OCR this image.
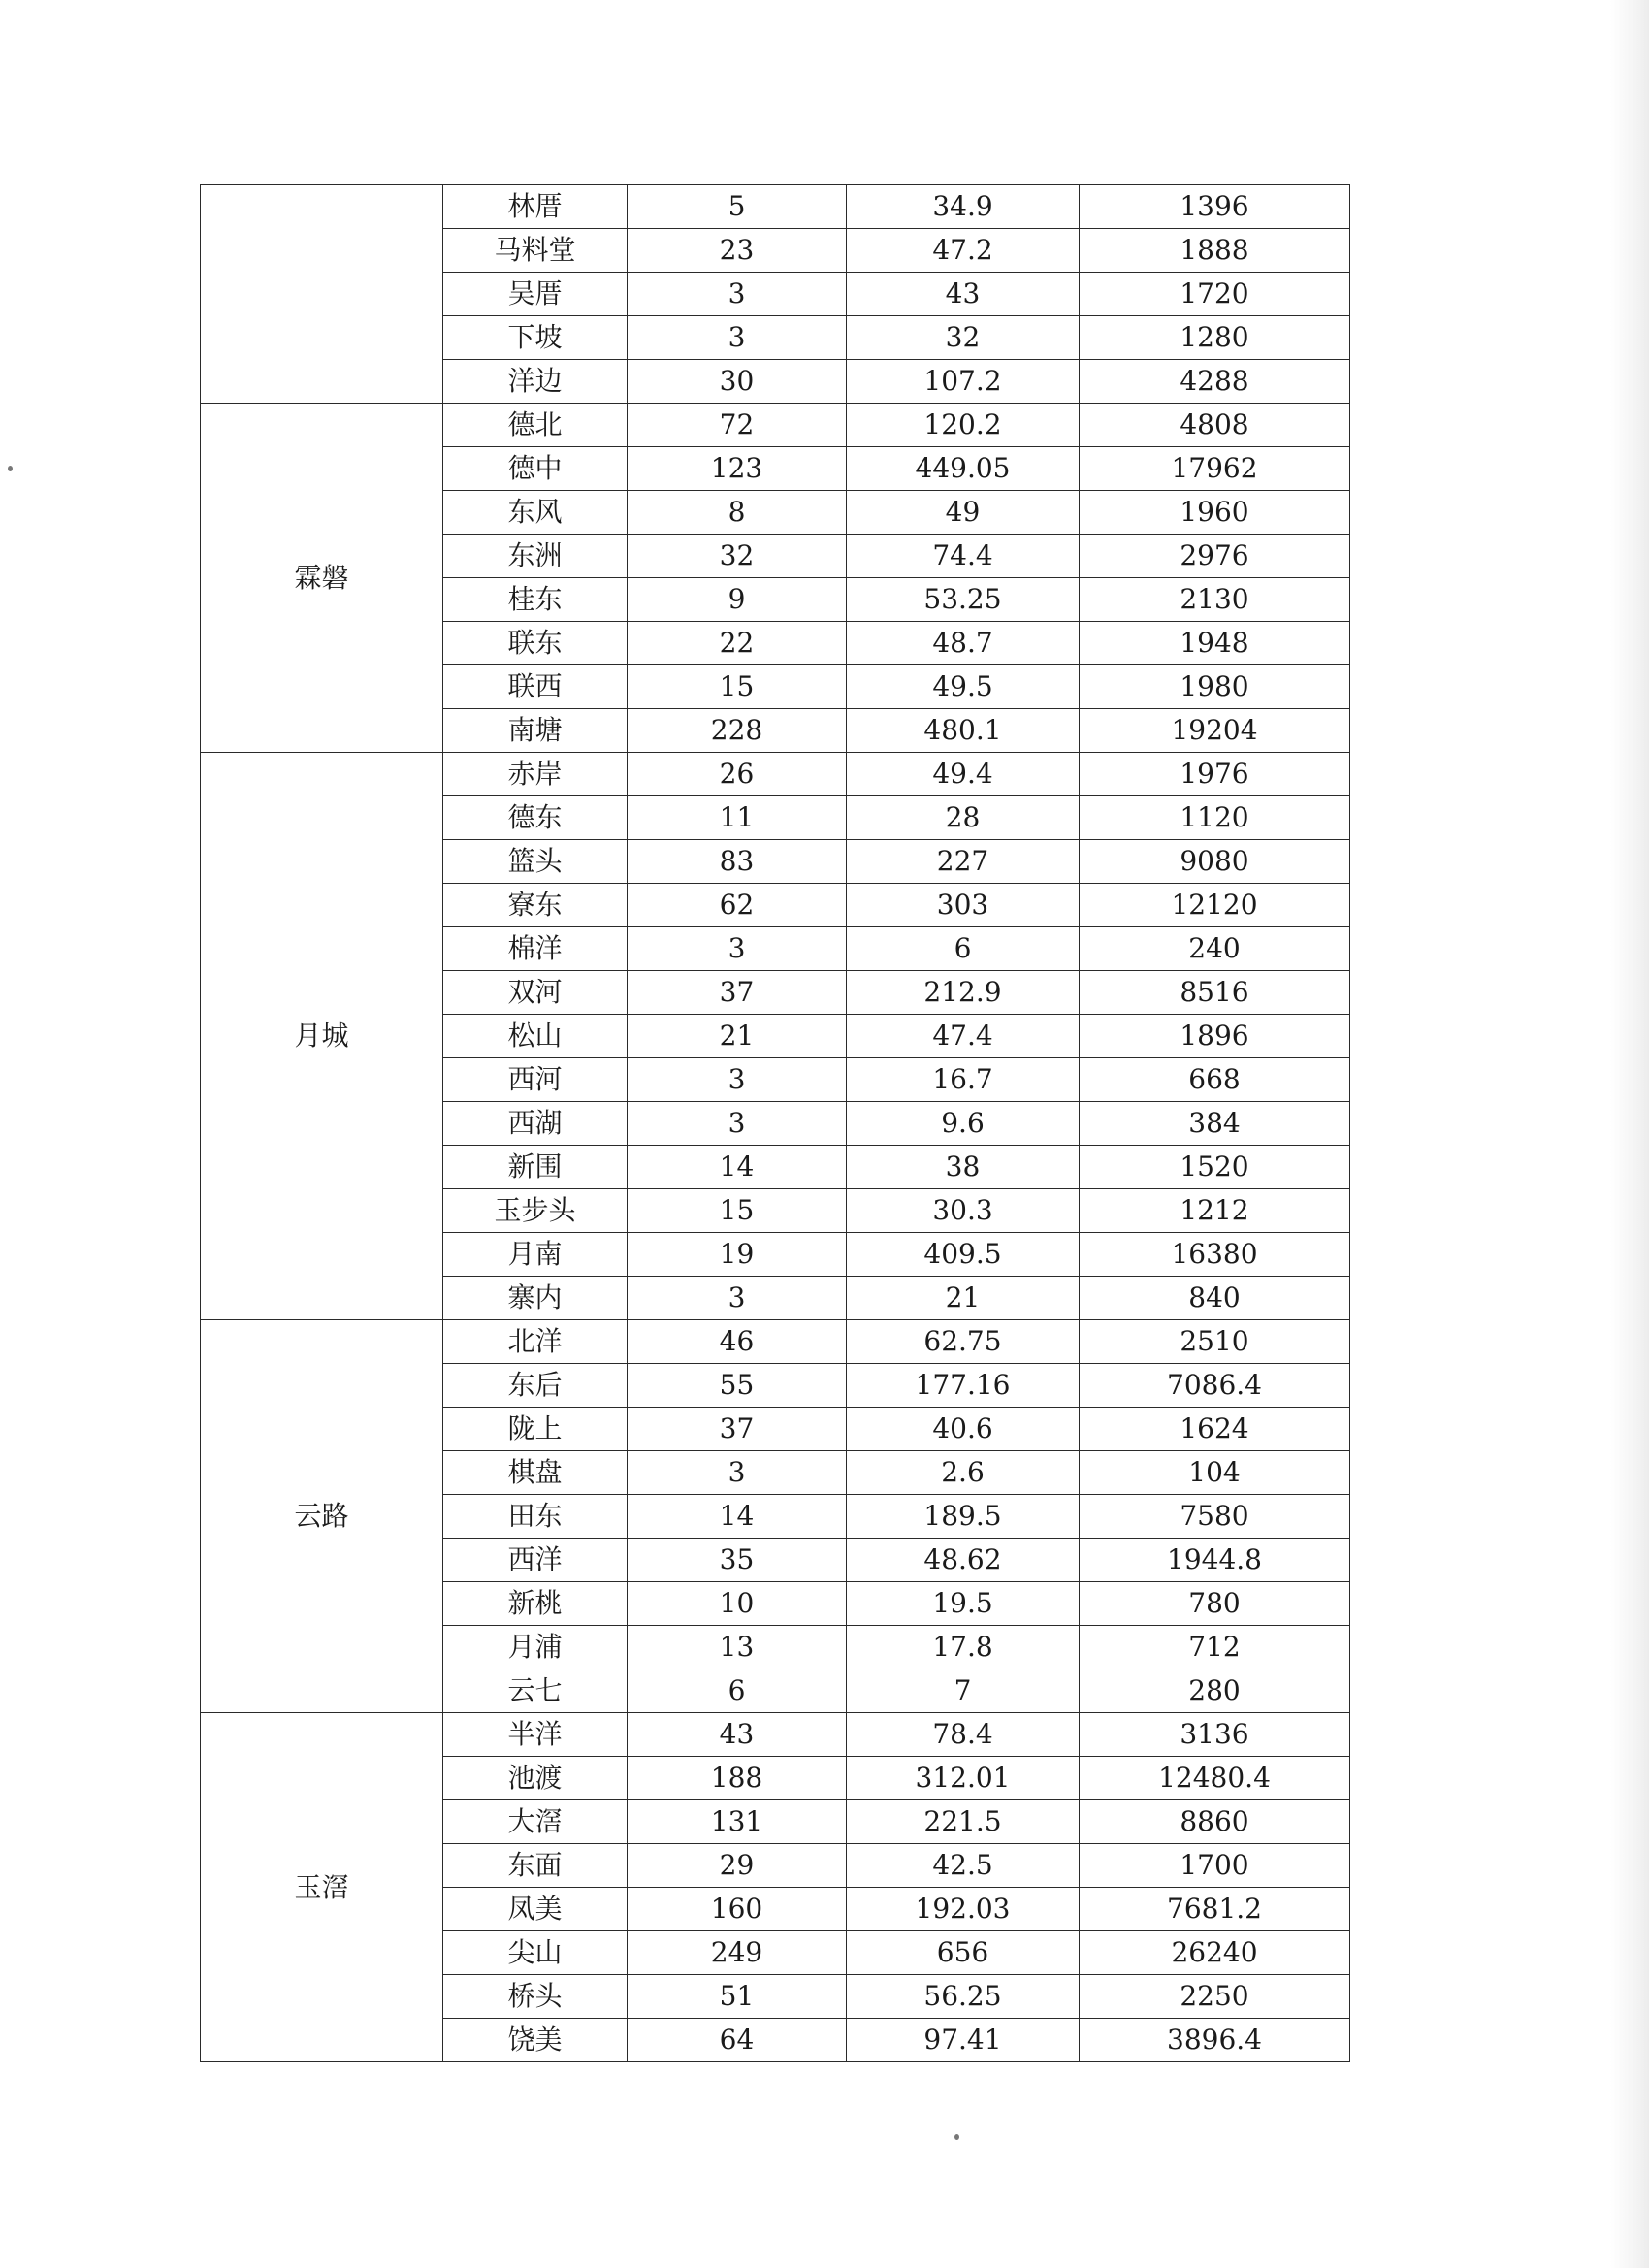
	林厝	5	34.9	1396
	马料堂	23	47.2	1888
	吴厝	3	43	1720
	下坡	3	32	1280
	洋边	30	107.2	4288
霖磐	德北	72	120.2	4808
	德中	123	449.05	17962
	东风	8	49	1960
	东洲	32	74.4	2976
	桂东	9	53.25	2130
	联东	22	48.7	1948
	联西	15	49.5	1980
	南塘	228	480.1	19204
月城	赤岸	26	49.4	1976
	德东	11	28	1120
	篮头	83	227	9080
	寮东	62	303	12120
	棉洋	3	6	240
	双河	37	212.9	8516
	松山	21	47.4	1896
	西河	3	16.7	668
	西湖	3	9.6	384
	新围	14	38	1520
	玉步头	15	30.3	1212
	月南	19	409.5	16380
	寨内	3	21	840
云路	北洋	46	62.75	2510
	东后	55	177.16	7086.4
	陇上	37	40.6	1624
	棋盘	3	2.6	104
	田东	14	189.5	7580
	西洋	35	48.62	1944.8
	新桃	10	19.5	780
	月浦	13	17.8	712
	云七	6	7	280
玉滘	半洋	43	78.4	3136
	池渡	188	312.01	12480.4
	大滘	131	221.5	8860
	东面	29	42.5	1700
	凤美	160	192.03	7681.2
	尖山	249	656	26240
	桥头	51	56.25	2250
	饶美	64	97.41	3896.4
